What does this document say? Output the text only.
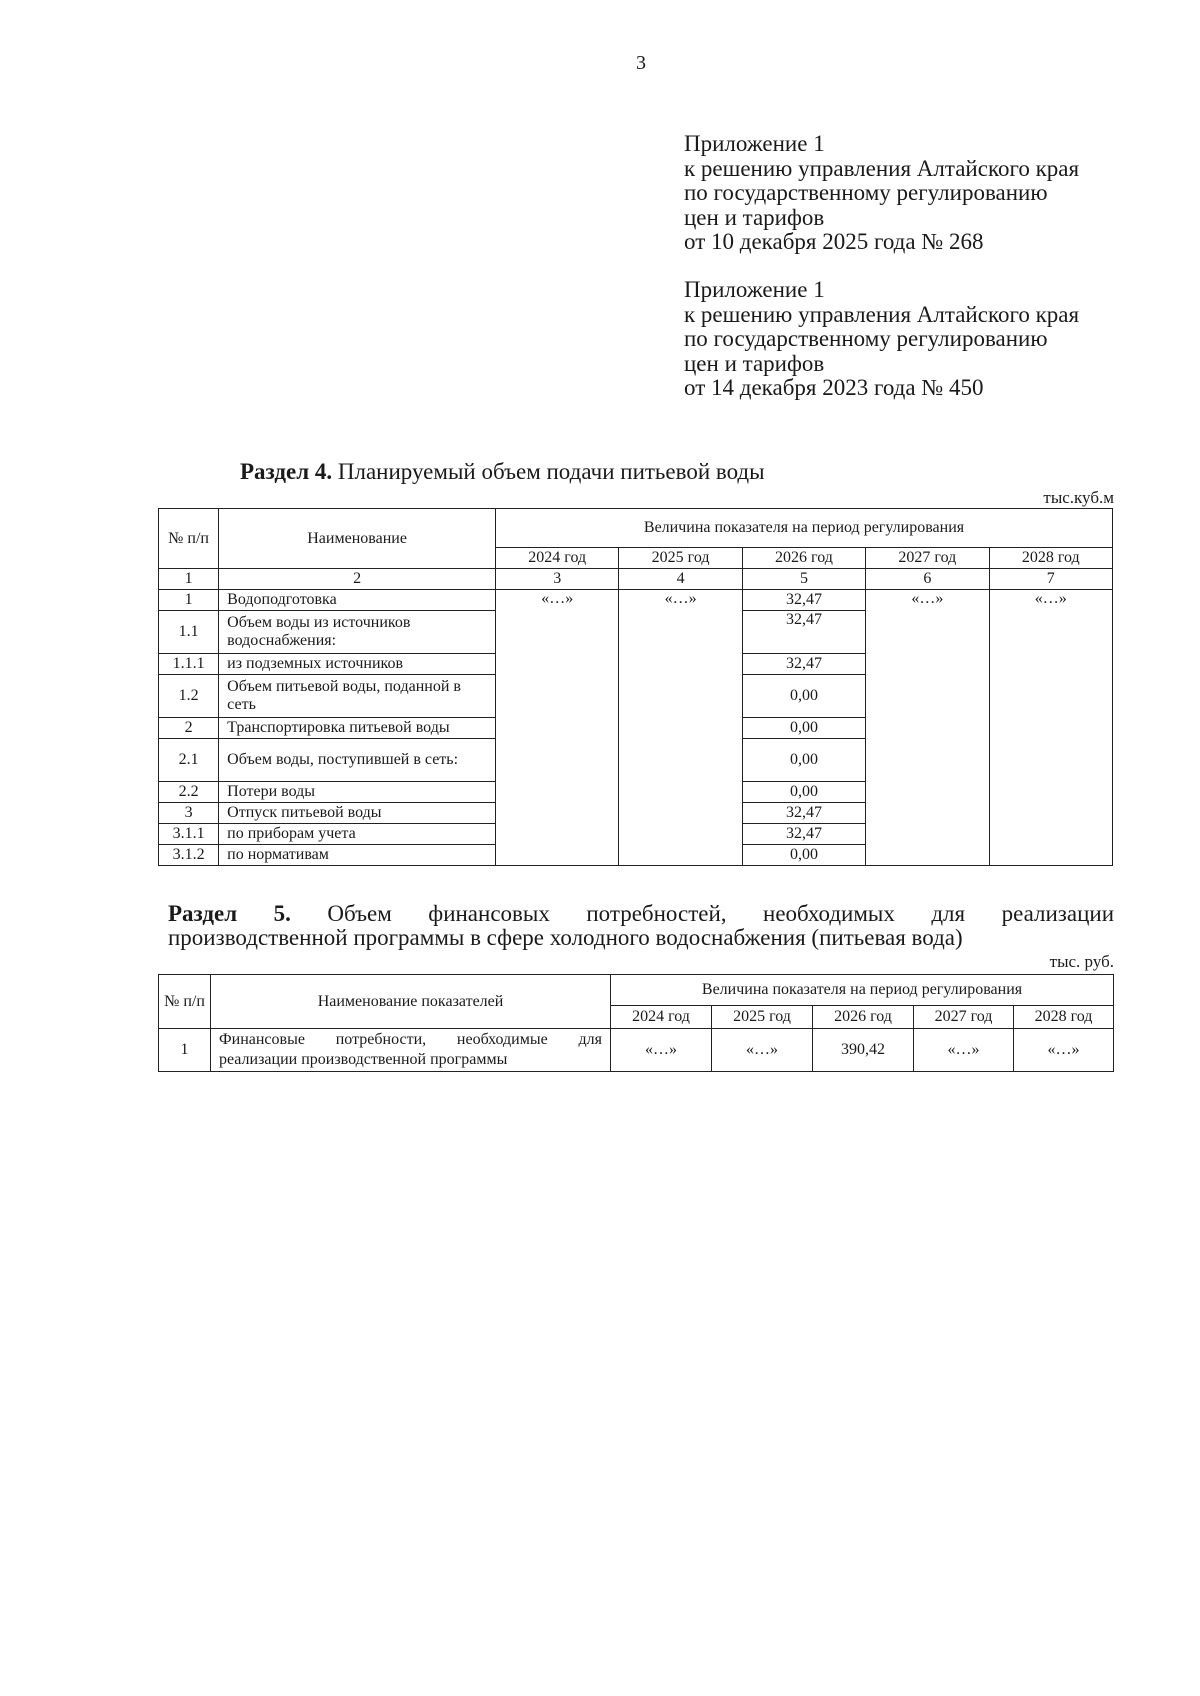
3
Приложение 1
к решению управления Алтайского края
по государственному регулированию
цен и тарифов
от 10 декабря 2025 года № 268
Приложение 1
к решению управления Алтайского края
по государственному регулированию
цен и тарифов
от 14 декабря 2023 года № 450
Раздел 4. Планируемый объем подачи питьевой воды
тыс.куб.м
№ п/п	Наименование	Величина показателя на период регулирования				
		2024 год	2025 год	2026 год	2027 год	2028 год
1	2	3	4	5	6	7
1	Водоподготовка	«…»	«…»	32,47	«…»	«…»
1.1	Объем воды из источников водоснабжения:			32,47		
1.1.1	из подземных источников			32,47		
1.2	Объем питьевой воды, поданной в сеть			0,00		
2	Транспортировка питьевой воды			0,00		
2.1	Объем воды, поступившей в сеть:			0,00		
2.2	Потери воды			0,00		
3	Отпуск питьевой воды			32,47		
3.1.1	по приборам учета			32,47		
3.1.2	по нормативам			0,00		
Раздел 5. Объем финансовых потребностей, необходимых для реализации
производственной программы в сфере холодного водоснабжения (питьевая вода)
тыс. руб.
№ п/п	Наименование показателей	Величина показателя на период регулирования				
		2024 год	2025 год	2026 год	2027 год	2028 год
1	Финансовые потребности, необходимые для реализации производственной программы	«…»	«…»	390,42	«…»	«…»
